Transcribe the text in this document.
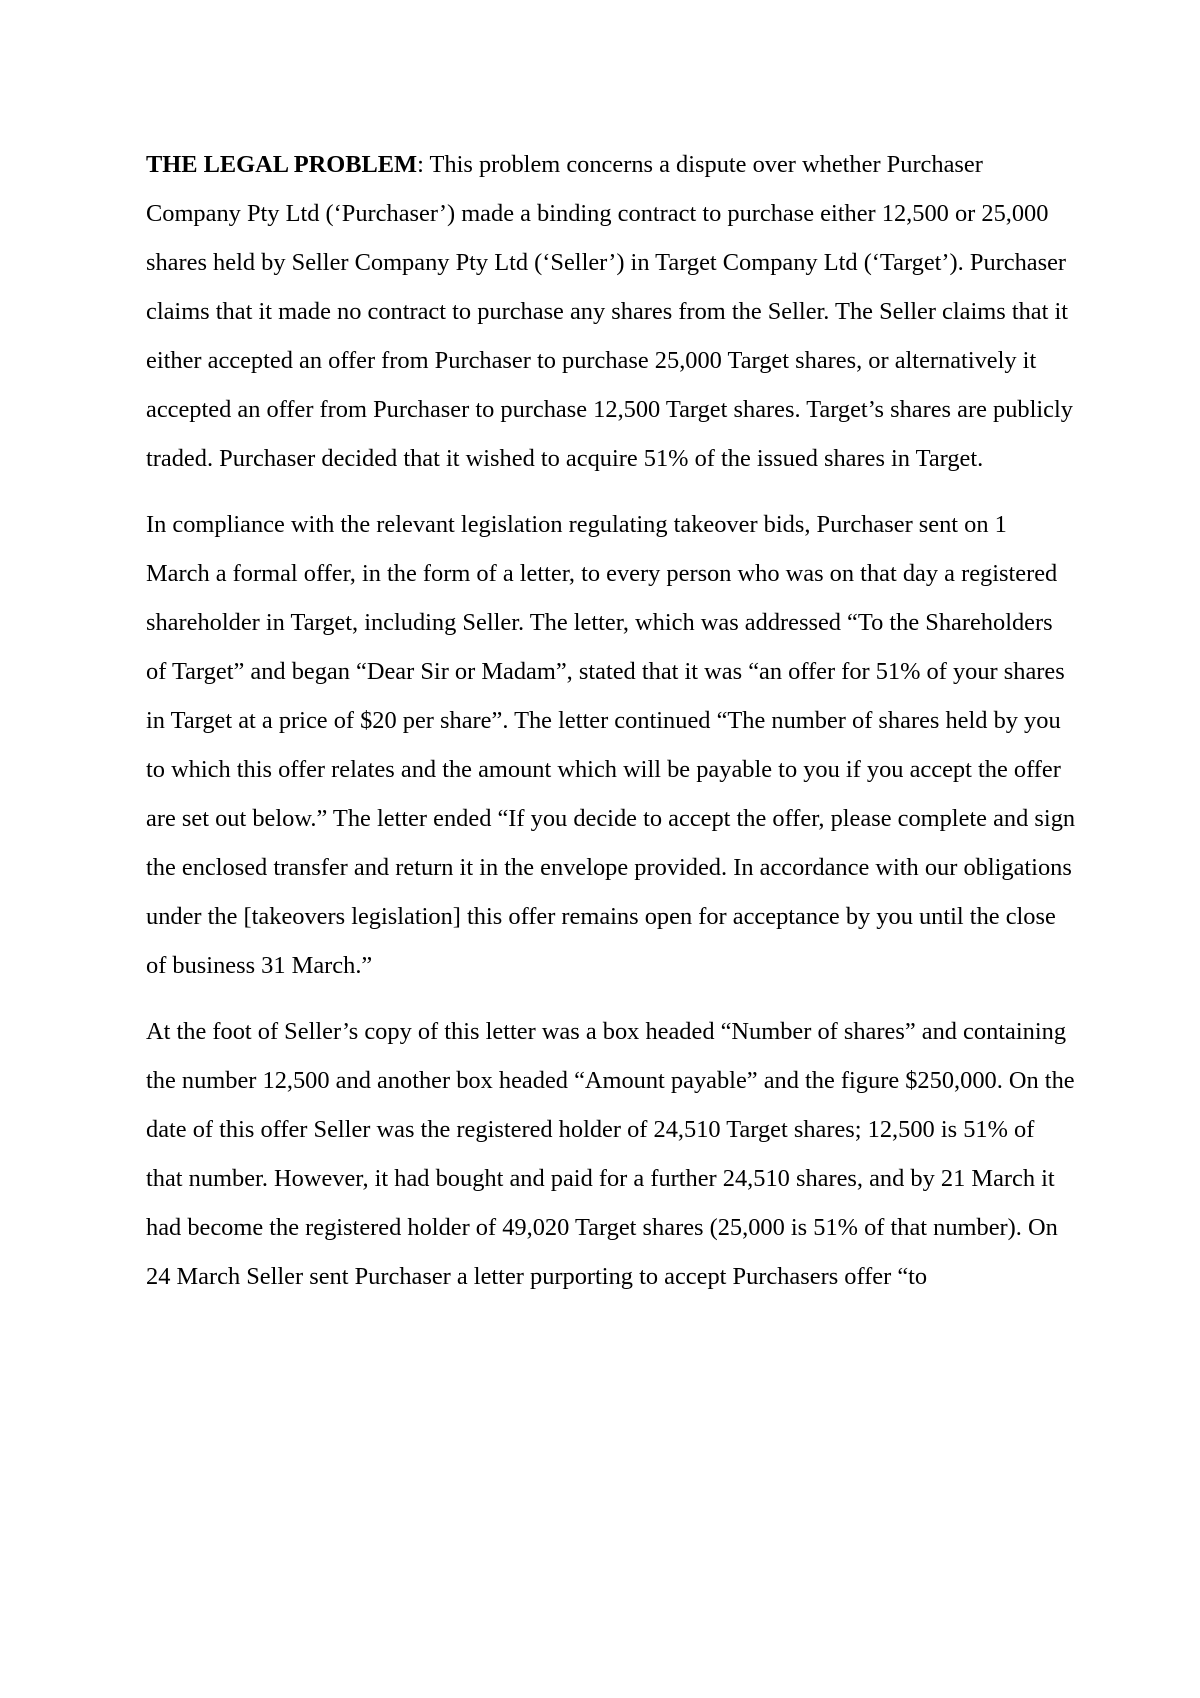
THE LEGAL PROBLEM: This problem concerns a dispute over whether Purchaser Company Pty Ltd (‘Purchaser’) made a binding contract to purchase either 12,500 or 25,000 shares held by Seller Company Pty Ltd (‘Seller’) in Target Company Ltd (‘Target’). Purchaser claims that it made no contract to purchase any shares from the Seller. The Seller claims that it either accepted an offer from Purchaser to purchase 25,000 Target shares, or alternatively it accepted an offer from Purchaser to purchase 12,500 Target shares. Target’s shares are publicly traded. Purchaser decided that it wished to acquire 51% of the issued shares in Target.

In compliance with the relevant legislation regulating takeover bids, Purchaser sent on 1 March a formal offer, in the form of a letter, to every person who was on that day a registered shareholder in Target, including Seller. The letter, which was addressed “To the Shareholders of Target” and began “Dear Sir or Madam”, stated that it was “an offer for 51% of your shares in Target at a price of $20 per share”. The letter continued “The number of shares held by you to which this offer relates and the amount which will be payable to you if you accept the offer are set out below.” The letter ended “If you decide to accept the offer, please complete and sign the enclosed transfer and return it in the envelope provided. In accordance with our obligations under the [takeovers legislation] this offer remains open for acceptance by you until the close of business 31 March.”

At the foot of Seller’s copy of this letter was a box headed “Number of shares” and containing the number 12,500 and another box headed “Amount payable” and the figure $250,000. On the date of this offer Seller was the registered holder of 24,510 Target shares; 12,500 is 51% of that number. However, it had bought and paid for a further 24,510 shares, and by 21 March it had become the registered holder of 49,020 Target shares (25,000 is 51% of that number). On 24 March Seller sent Purchaser a letter purporting to accept Purchasers offer “to
